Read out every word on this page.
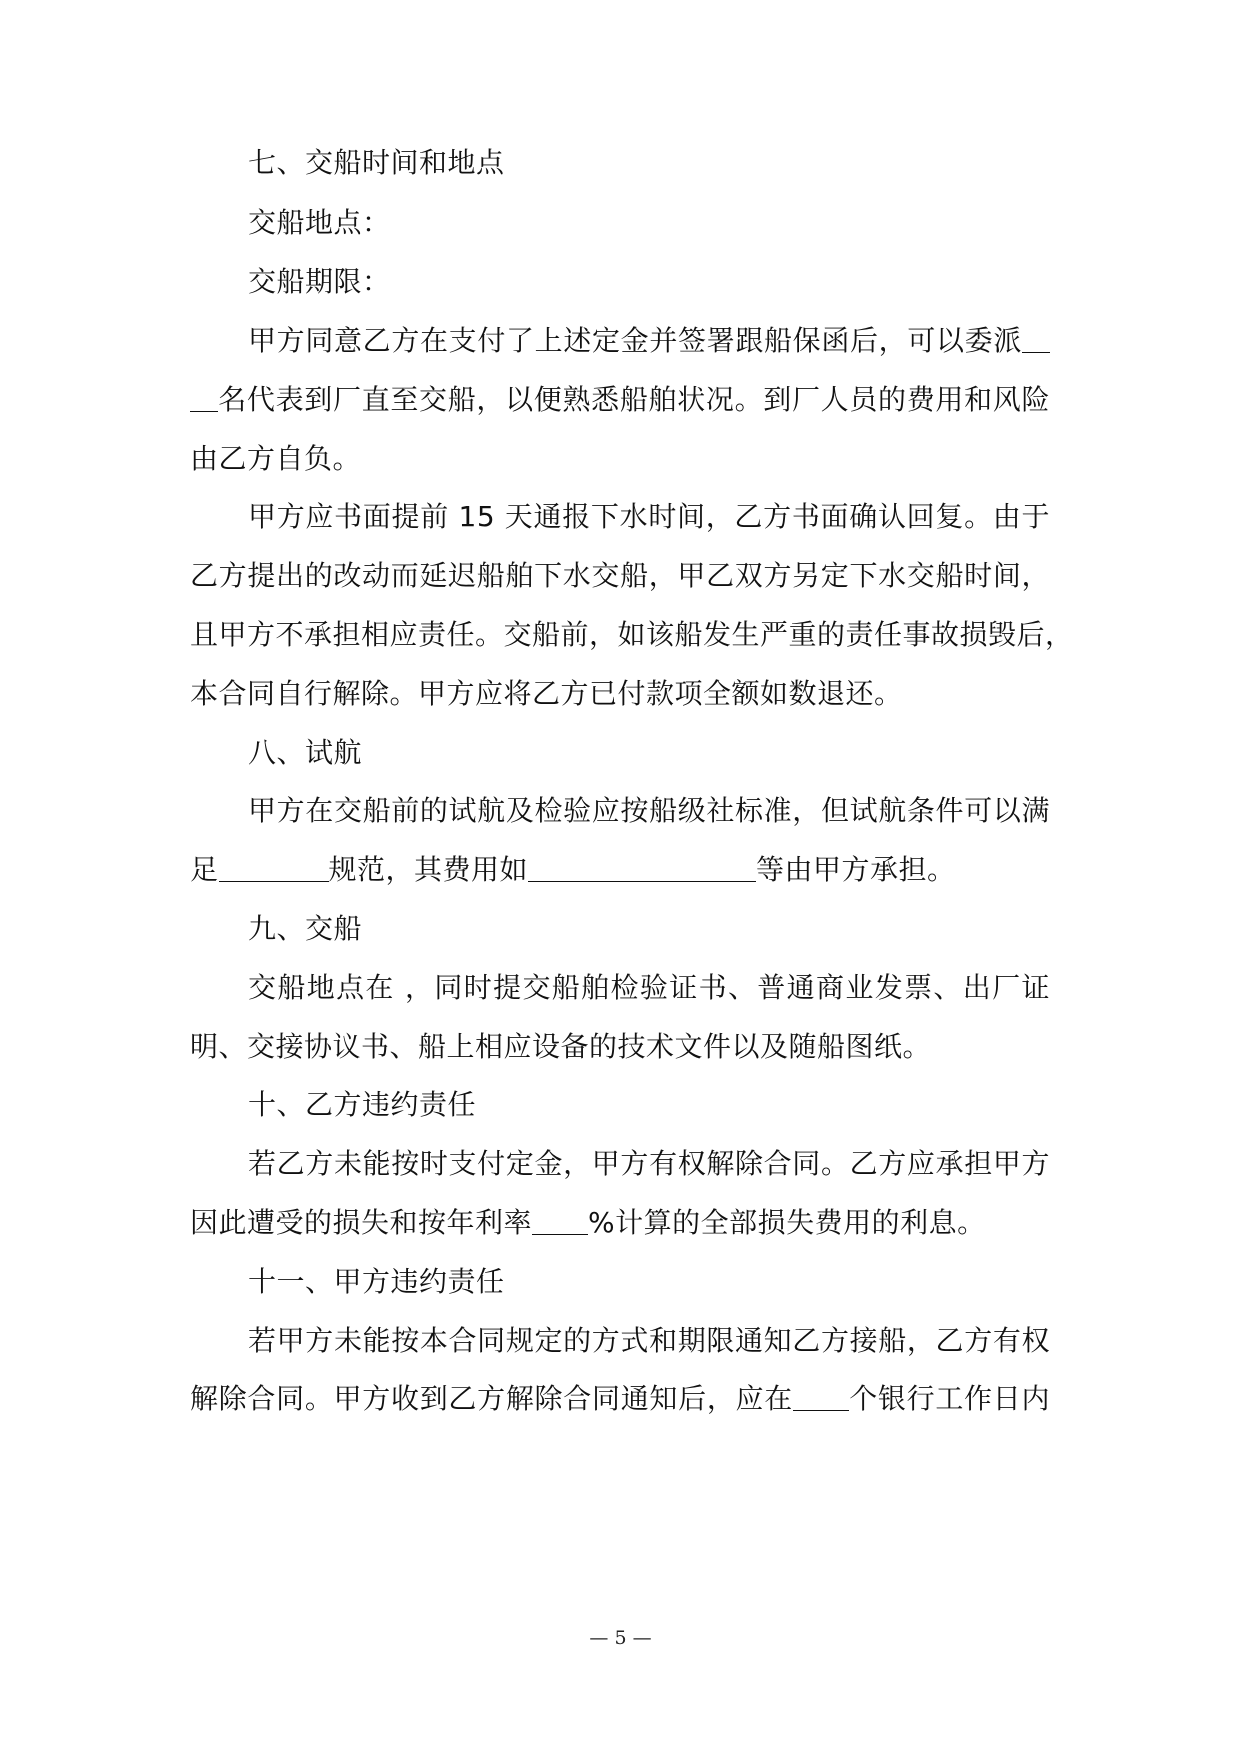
七、交船时间和地点
交船地点：
交船期限：
甲方同意乙方在支付了上述定金并签署跟船保函后，可以委派
名代表到厂直至交船，以便熟悉船舶状况。到厂人员的费用和风险
由乙方自负。
甲方应书面提前 15 天通报下水时间，乙方书面确认回复。由于
乙方提出的改动而延迟船舶下水交船，甲乙双方另定下水交船时间，
且甲方不承担相应责任。交船前，如该船发生严重的责任事故损毁后，
本合同自行解除。甲方应将乙方已付款项全额如数退还。
八、试航
甲方在交船前的试航及检验应按船级社标准，但试航条件可以满
足	规范，其费用如	等由甲方承担。
九、交船
交船地点在 ，同时提交船舶检验证书、普通商业发票、出厂证
明、交接协议书、船上相应设备的技术文件以及随船图纸。
十、乙方违约责任
若乙方未能按时支付定金，甲方有权解除合同。乙方应承担甲方
因此遭受的损失和按年利率 %计算的全部损失费用的利息。
十一、甲方违约责任
若甲方未能按本合同规定的方式和期限通知乙方接船，乙方有权
解除合同。甲方收到乙方解除合同通知后，应在 个银行工作日内
— 5 —
